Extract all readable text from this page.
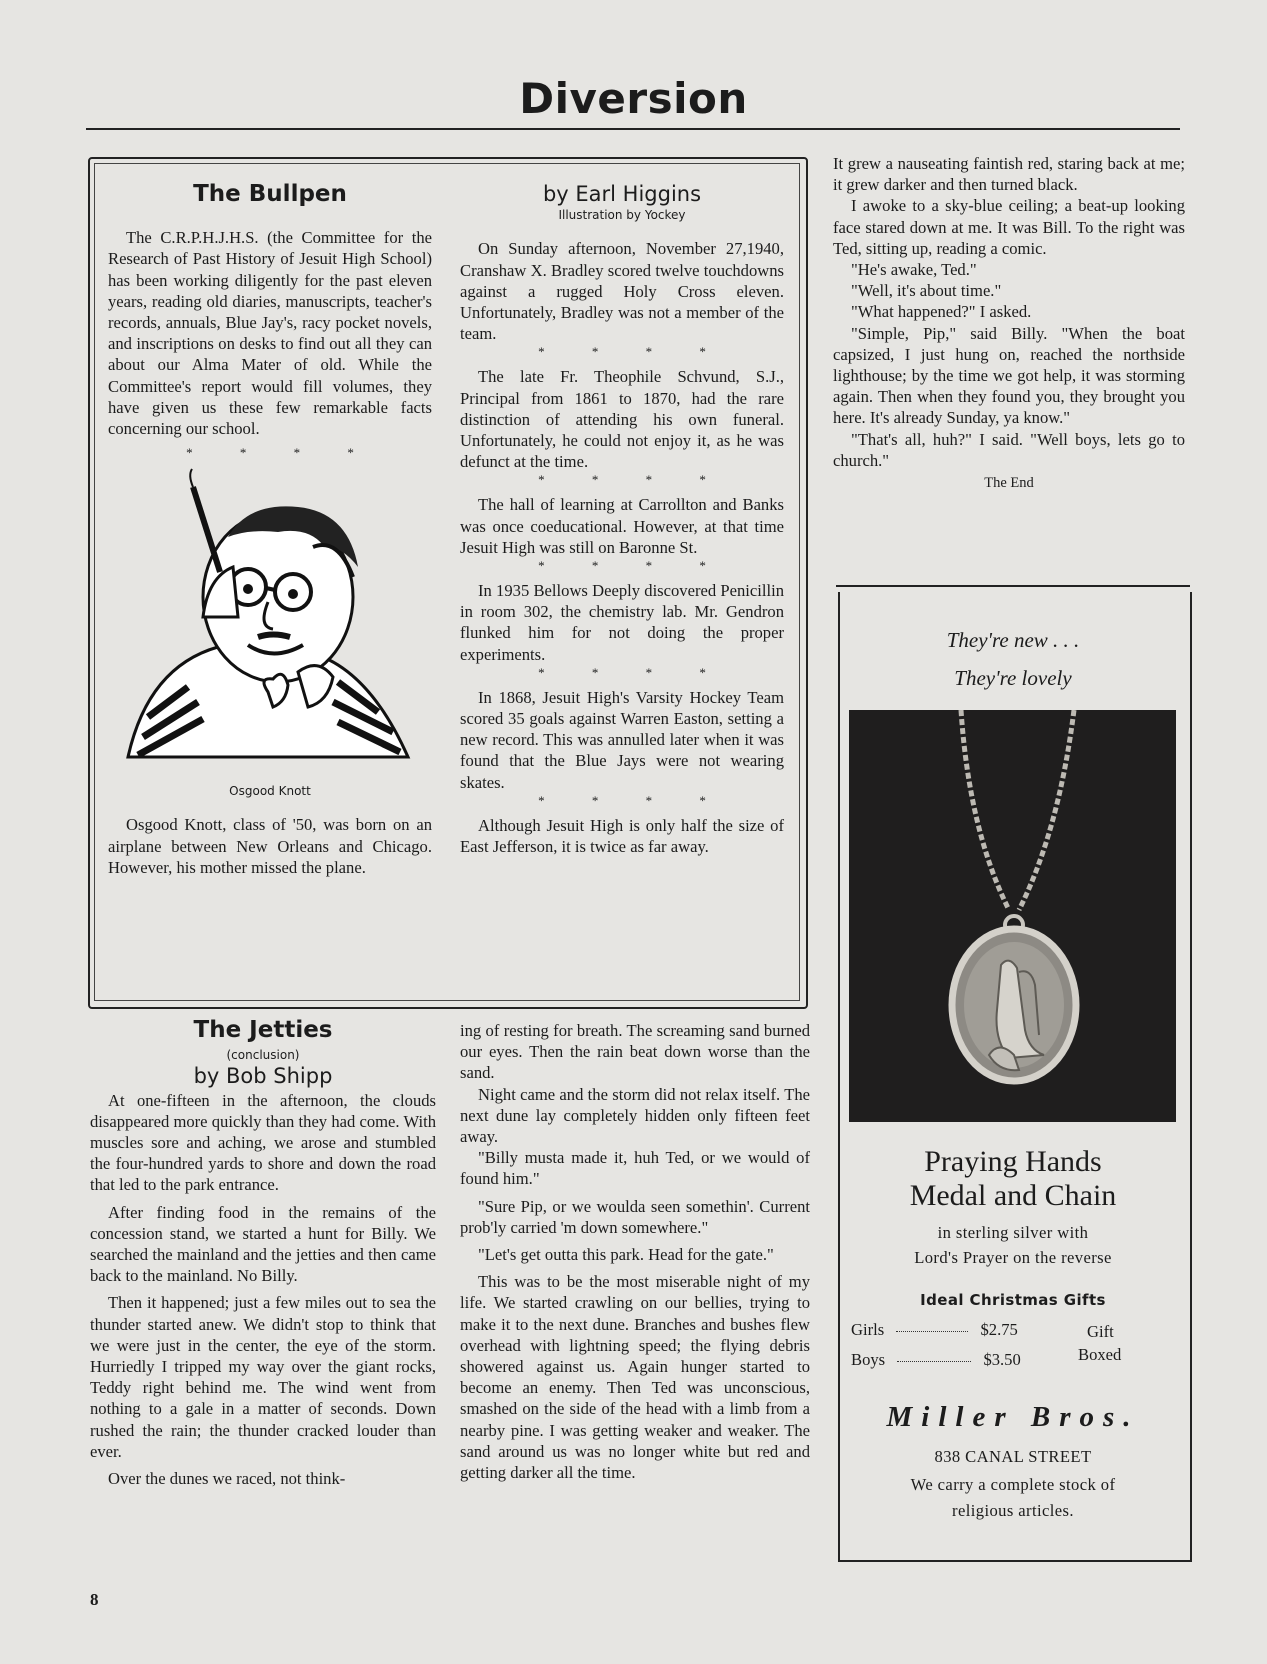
Diversion
The Bullpen

The C.R.P.H.J.H.S. (the Committee for the Research of Past History of Jesuit High School) has been working diligently for the past eleven years, reading old diaries, manuscripts, teacher's records, annuals, Blue Jay's, racy pocket novels, and inscriptions on desks to find out all they can about our Alma Mater of old. While the Committee's report would fill volumes, they have given us these few remarkable facts concerning our school.

* * * *
Osgood Knott

Osgood Knott, class of '50, was born on an airplane between New Orleans and Chicago. However, his mother missed the plane.

by Earl Higgins
Illustration by Yockey

On Sunday afternoon, November 27,1940, Cranshaw X. Bradley scored twelve touchdowns against a rugged Holy Cross eleven. Unfortunately, Bradley was not a member of the team.

* * * *

The late Fr. Theophile Schvund, S.J., Principal from 1861 to 1870, had the rare distinction of attending his own funeral. Unfortunately, he could not enjoy it, as he was defunct at the time.

* * * *

The hall of learning at Carrollton and Banks was once coeducational. However, at that time Jesuit High was still on Baronne St.

* * * *

In 1935 Bellows Deeply discovered Penicillin in room 302, the chemistry lab. Mr. Gendron flunked him for not doing the proper experiments.

* * * *

In 1868, Jesuit High's Varsity Hockey Team scored 35 goals against Warren Easton, setting a new record. This was annulled later when it was found that the Blue Jays were not wearing skates.

* * * *

Although Jesuit High is only half the size of East Jefferson, it is twice as far away.

The Jetties
(conclusion)
by Bob Shipp

At one-fifteen in the afternoon, the clouds disappeared more quickly than they had come. With muscles sore and aching, we arose and stumbled the four-hundred yards to shore and down the road that led to the park entrance.

After finding food in the remains of the concession stand, we started a hunt for Billy. We searched the mainland and the jetties and then came back to the mainland. No Billy.

Then it happened; just a few miles out to sea the thunder started anew. We didn't stop to think that we were just in the center, the eye of the storm. Hurriedly I tripped my way over the giant rocks, Teddy right behind me. The wind went from nothing to a gale in a matter of seconds. Down rushed the rain; the thunder cracked louder than ever.

Over the dunes we raced, not think-

ing of resting for breath. The screaming sand burned our eyes. Then the rain beat down worse than the sand.

Night came and the storm did not relax itself. The next dune lay completely hidden only fifteen feet away.

"Billy musta made it, huh Ted, or we would of found him."

"Sure Pip, or we woulda seen somethin'. Current prob'ly carried 'm down somewhere."

"Let's get outta this park. Head for the gate."

This was to be the most miserable night of my life. We started crawling on our bellies, trying to make it to the next dune. Branches and bushes flew overhead with lightning speed; the flying debris showered against us. Again hunger started to become an enemy. Then Ted was unconscious, smashed on the side of the head with a limb from a nearby pine. I was getting weaker and weaker. The sand around us was no longer white but red and getting darker all the time.

It grew a nauseating faintish red, staring back at me; it grew darker and then turned black.

I awoke to a sky-blue ceiling; a beat-up looking face stared down at me. It was Bill. To the right was Ted, sitting up, reading a comic.

"He's awake, Ted."

"Well, it's about time."

"What happened?" I asked.

"Simple, Pip," said Billy. "When the boat capsized, I just hung on, reached the northside lighthouse; by the time we got help, it was storming again. Then when they found you, they brought you here. It's already Sunday, ya know."

"That's all, huh?" I said. "Well boys, lets go to church."

The End
They're new . . .
They're lovely
Praying Hands
Medal and Chain
in sterling silver with
Lord's Prayer on the reverse
Ideal Christmas Gifts
Girls	$2.75
Boys	$3.50
Gift
Boxed
Miller Bros.
838 CANAL STREET
We carry a complete stock of
religious articles.
8
